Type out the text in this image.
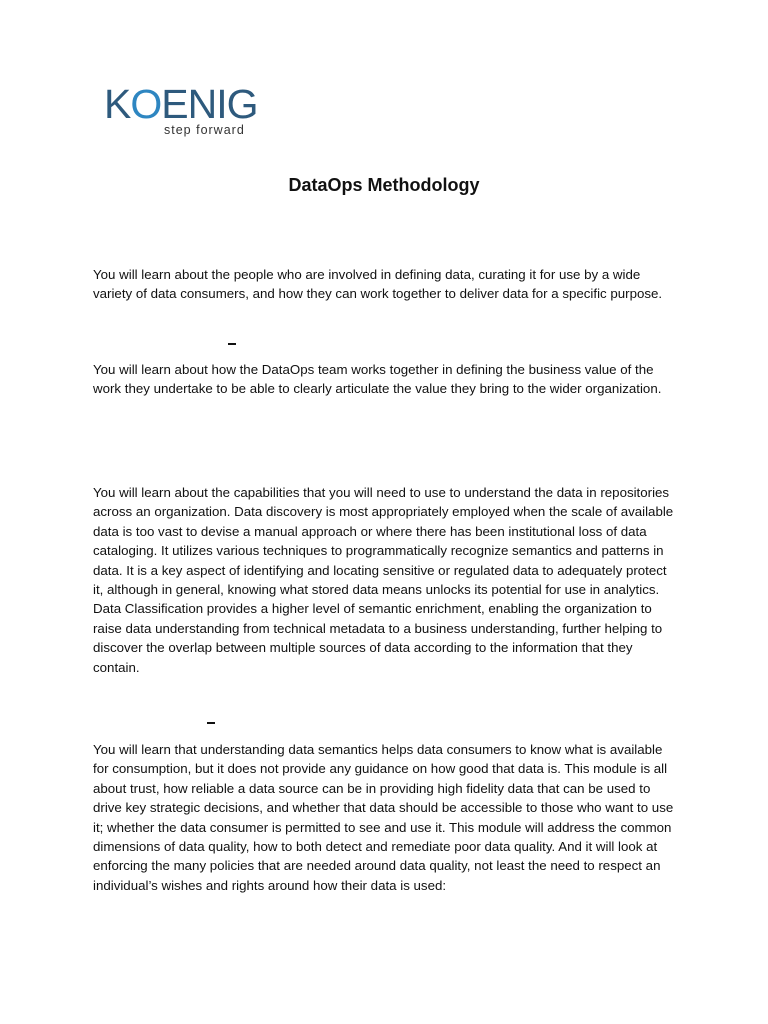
KOENIG
step forward
DataOps Methodology

You will learn about the people who are involved in defining data, curating it for use by a wide variety of data consumers, and how they can work together to deliver data for a specific purpose.

You will learn about how the DataOps team works together in defining the business value of the work they undertake to be able to clearly articulate the value they bring to the wider organization.

You will learn about the capabilities that you will need to use to understand the data in repositories across an organization. Data discovery is most appropriately employed when the scale of available data is too vast to devise a manual approach or where there has been institutional loss of data cataloging. It utilizes various techniques to programmatically recognize semantics and patterns in data. It is a key aspect of identifying and locating sensitive or regulated data to adequately protect it, although in general, knowing what stored data means unlocks its potential for use in analytics. Data Classification provides a higher level of semantic enrichment, enabling the organization to raise data understanding from technical metadata to a business understanding, further helping to discover the overlap between multiple sources of data according to the information that they contain.

You will learn that understanding data semantics helps data consumers to know what is available for consumption, but it does not provide any guidance on how good that data is. This module is all about trust, how reliable a data source can be in providing high fidelity data that can be used to drive key strategic decisions, and whether that data should be accessible to those who want to use it; whether the data consumer is permitted to see and use it. This module will address the common dimensions of data quality, how to both detect and remediate poor data quality. And it will look at enforcing the many policies that are needed around data quality, not least the need to respect an individual’s wishes and rights around how their data is used:
